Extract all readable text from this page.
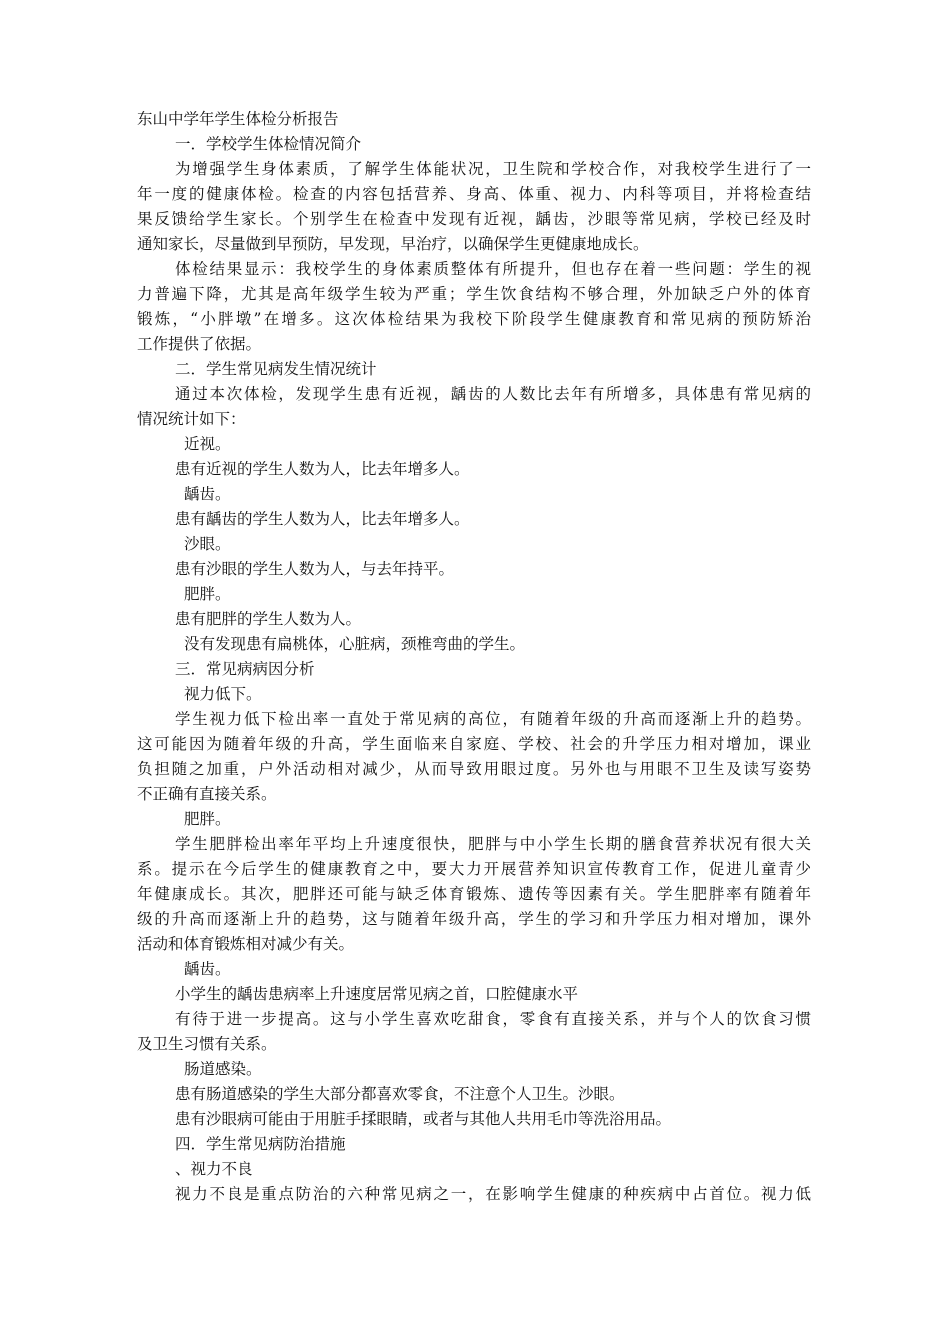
东山中学年学生体检分析报告
一．学校学生体检情况简介
为增强学生身体素质，了解学生体能状况，卫生院和学校合作，对我校学生进行了一
年一度的健康体检。检查的内容包括营养、身高、体重、视力、内科等项目，并将检查结
果反馈给学生家长。个别学生在检查中发现有近视，龋齿，沙眼等常见病，学校已经及时
通知家长，尽量做到早预防，早发现，早治疗，以确保学生更健康地成长。
体检结果显示：我校学生的身体素质整体有所提升，但也存在着一些问题：学生的视
力普遍下降，尤其是高年级学生较为严重；学生饮食结构不够合理，外加缺乏户外的体育
锻炼，“小胖墩”在增多。这次体检结果为我校下阶段学生健康教育和常见病的预防矫治
工作提供了依据。
二．学生常见病发生情况统计
通过本次体检，发现学生患有近视，龋齿的人数比去年有所增多，具体患有常见病的
情况统计如下：
近视。
患有近视的学生人数为人，比去年增多人。
龋齿。
患有龋齿的学生人数为人，比去年增多人。
沙眼。
患有沙眼的学生人数为人，与去年持平。
肥胖。
患有肥胖的学生人数为人。
没有发现患有扁桃体，心脏病，颈椎弯曲的学生。
三．常见病病因分析
视力低下。
学生视力低下检出率一直处于常见病的高位，有随着年级的升高而逐渐上升的趋势。
这可能因为随着年级的升高，学生面临来自家庭、学校、社会的升学压力相对增加，课业
负担随之加重，户外活动相对减少，从而导致用眼过度。另外也与用眼不卫生及读写姿势
不正确有直接关系。
肥胖。
学生肥胖检出率年平均上升速度很快，肥胖与中小学生长期的膳食营养状况有很大关
系。提示在今后学生的健康教育之中，要大力开展营养知识宣传教育工作，促进儿童青少
年健康成长。其次，肥胖还可能与缺乏体育锻炼、遗传等因素有关。学生肥胖率有随着年
级的升高而逐渐上升的趋势，这与随着年级升高，学生的学习和升学压力相对增加，课外
活动和体育锻炼相对减少有关。
龋齿。
小学生的龋齿患病率上升速度居常见病之首，口腔健康水平
有待于进一步提高。这与小学生喜欢吃甜食，零食有直接关系，并与个人的饮食习惯
及卫生习惯有关系。
肠道感染。
患有肠道感染的学生大部分都喜欢零食，不注意个人卫生。沙眼。
患有沙眼病可能由于用脏手揉眼睛，或者与其他人共用毛巾等洗浴用品。
四．学生常见病防治措施
、视力不良
视力不良是重点防治的六种常见病之一，在影响学生健康的种疾病中占首位。视力低
